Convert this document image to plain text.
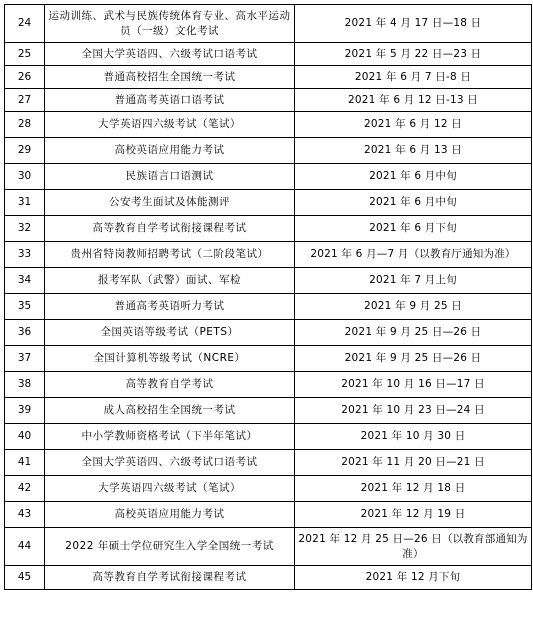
24	运动训练、武术与民族传统体育专业、高水平运动员（一级）文化考试	2021 年 4 月 17 日—18 日
25	全国大学英语四、六级考试口语考试	2021 年 5 月 22 日—23 日
26	普通高校招生全国统一考试	2021 年 6 月 7 日-8 日
27	普通高考英语口语考试	2021 年 6 月 12 日-13 日
28	大学英语四六级考试（笔试）	2021 年 6 月 12 日
29	高校英语应用能力考试	2021 年 6 月 13 日
30	民族语言口语测试	2021 年 6 月中旬
31	公安考生面试及体能测评	2021 年 6 月中旬
32	高等教育自学考试衔接课程考试	2021 年 6 月下旬
33	贵州省特岗教师招聘考试（二阶段笔试）	2021 年 6 月—7 月（以教育厅通知为准）
34	报考军队（武警）面试、军检	2021 年 7 月上旬
35	普通高考英语听力考试	2021 年 9 月 25 日
36	全国英语等级考试（PETS）	2021 年 9 月 25 日—26 日
37	全国计算机等级考试（NCRE）	2021 年 9 月 25 日—26 日
38	高等教育自学考试	2021 年 10 月 16 日—17 日
39	成人高校招生全国统一考试	2021 年 10 月 23 日—24 日
40	中小学教师资格考试（下半年笔试）	2021 年 10 月 30 日
41	全国大学英语四、六级考试口语考试	2021 年 11 月 20 日—21 日
42	大学英语四六级考试（笔试）	2021 年 12 月 18 日
43	高校英语应用能力考试	2021 年 12 月 19 日
44	2022 年硕士学位研究生入学全国统一考试	2021 年 12 月 25 日—26 日（以教育部通知为准）
45	高等教育自学考试衔接课程考试	2021 年 12 月下旬
